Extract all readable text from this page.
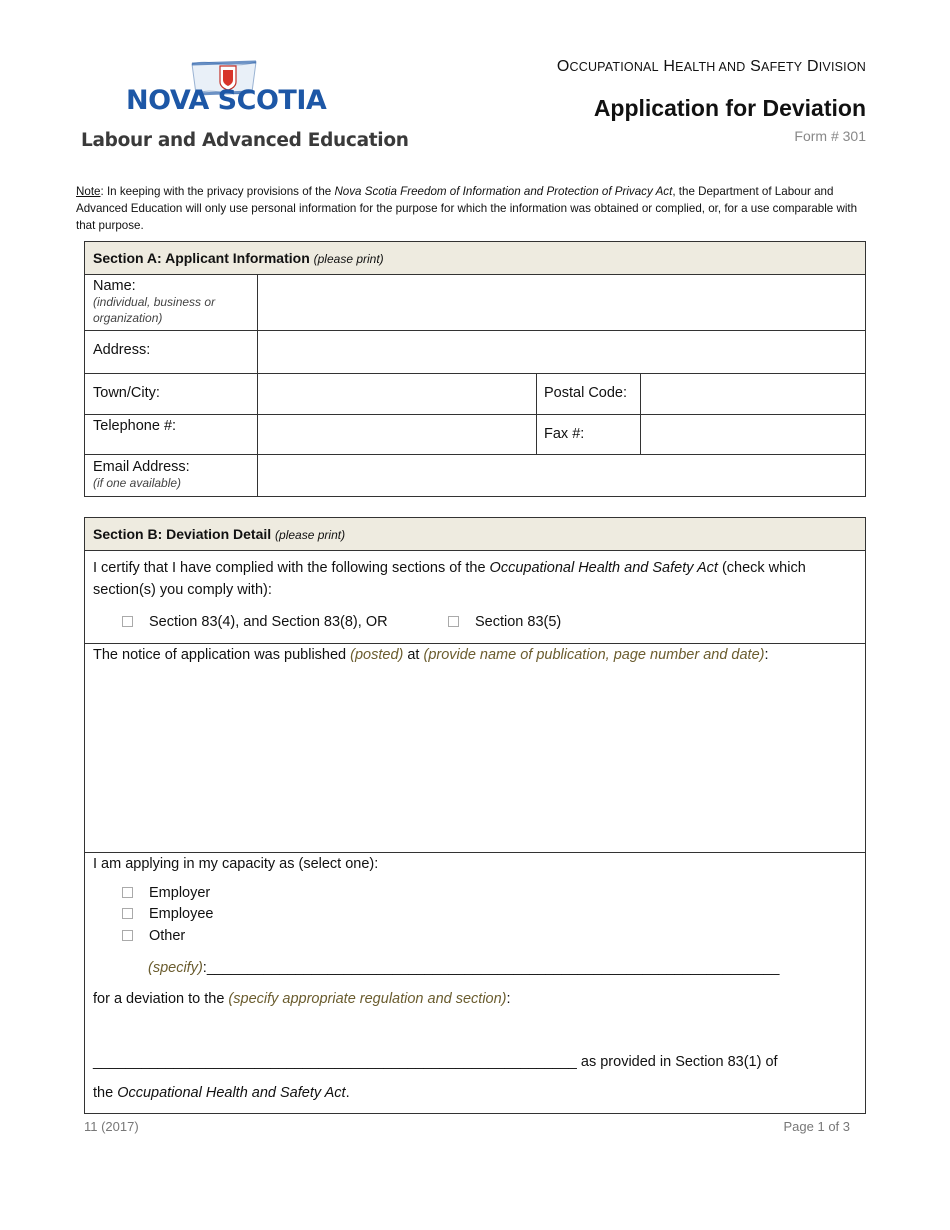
NOVA SCOTIA
Labour and Advanced Education
OCCUPATIONAL HEALTH AND SAFETY DIVISION
Application for Deviation
Form # 301
Note: In keeping with the privacy provisions of the Nova Scotia Freedom of Information and Protection of Privacy Act, the Department of Labour and Advanced Education will only use personal information for the purpose for which the information was obtained or complied, or, for a use comparable with that purpose.
Section A: Applicant Information (please print)
Name:
(individual, business or organization)
Address:
Town/City:	Postal Code:
Telephone #:	Fax #:
Email Address:
(if one available)
Section B: Deviation Detail (please print)
I certify that I have complied with the following sections of the Occupational Health and Safety Act (check which section(s) you comply with):
Section 83(4), and Section 83(8), OR	Section 83(5)
The notice of application was published (posted) at (provide name of publication, page number and date):
I am applying in my capacity as (select one):
Employer
Employee
Other
(specify):_______________________________________________________________________
for a deviation to the (specify appropriate regulation and section):
____________________________________________________________ as provided in Section 83(1) of
the Occupational Health and Safety Act.
11 (2017)	Page 1 of 3
